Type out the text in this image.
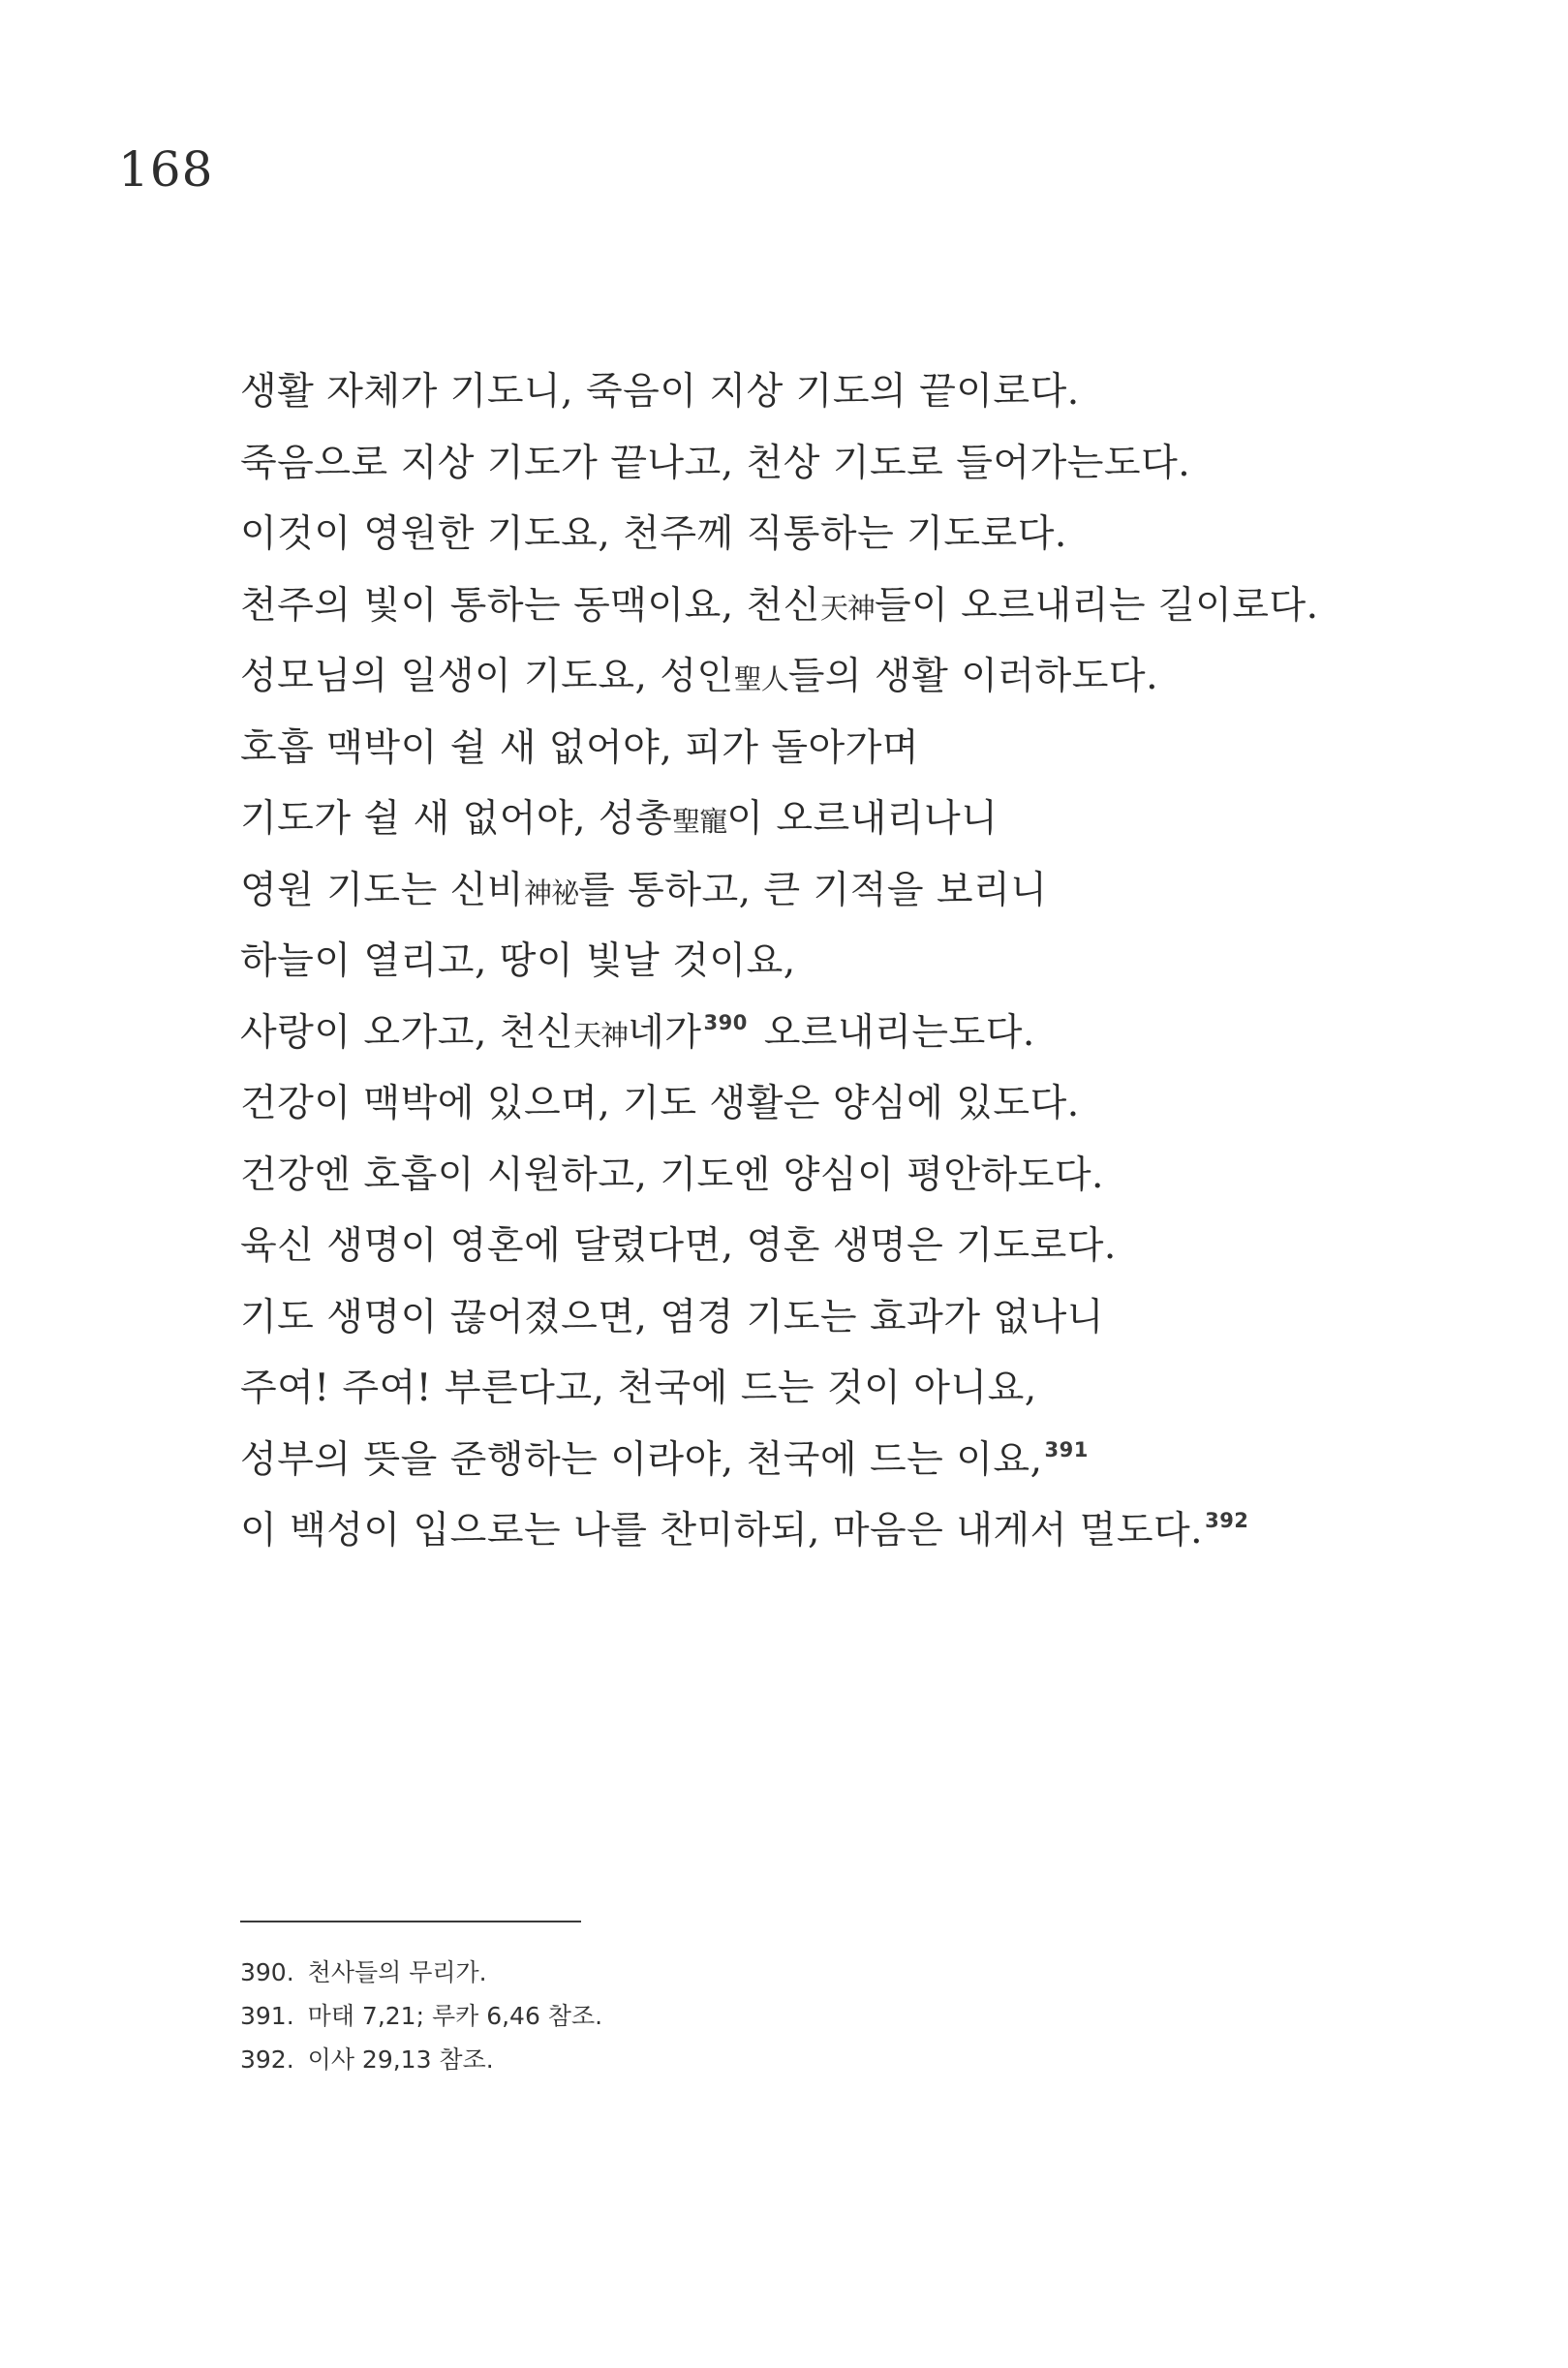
168
생활 자체가 기도니, 죽음이 지상 기도의 끝이로다.
죽음으로 지상 기도가 끝나고, 천상 기도로 들어가는도다.
이것이 영원한 기도요, 천주께 직통하는 기도로다.
천주의 빛이 통하는 동맥이요, 천신天神들이 오르내리는 길이로다.
성모님의 일생이 기도요, 성인聖人들의 생활 이러하도다.
호흡 맥박이 쉴 새 없어야, 피가 돌아가며
기도가 쉴 새 없어야, 성총聖寵이 오르내리나니
영원 기도는 신비神祕를 통하고, 큰 기적을 보리니
하늘이 열리고, 땅이 빛날 것이요,
사랑이 오가고, 천신天神네가$^{390}$ 오르내리는도다.
건강이 맥박에 있으며, 기도 생활은 양심에 있도다.
건강엔 호흡이 시원하고, 기도엔 양심이 평안하도다.
육신 생명이 영혼에 달렸다면, 영혼 생명은 기도로다.
기도 생명이 끊어졌으면, 염경 기도는 효과가 없나니
주여! 주여! 부른다고, 천국에 드는 것이 아니요,
성부의 뜻을 준행하는 이라야, 천국에 드는 이요,$^{391}$
이 백성이 입으로는 나를 찬미하되, 마음은 내게서 멀도다.$^{392}$
390. 천사들의 무리가.
391. 마태 7,21; 루카 6,46 참조.
392. 이사 29,13 참조.
